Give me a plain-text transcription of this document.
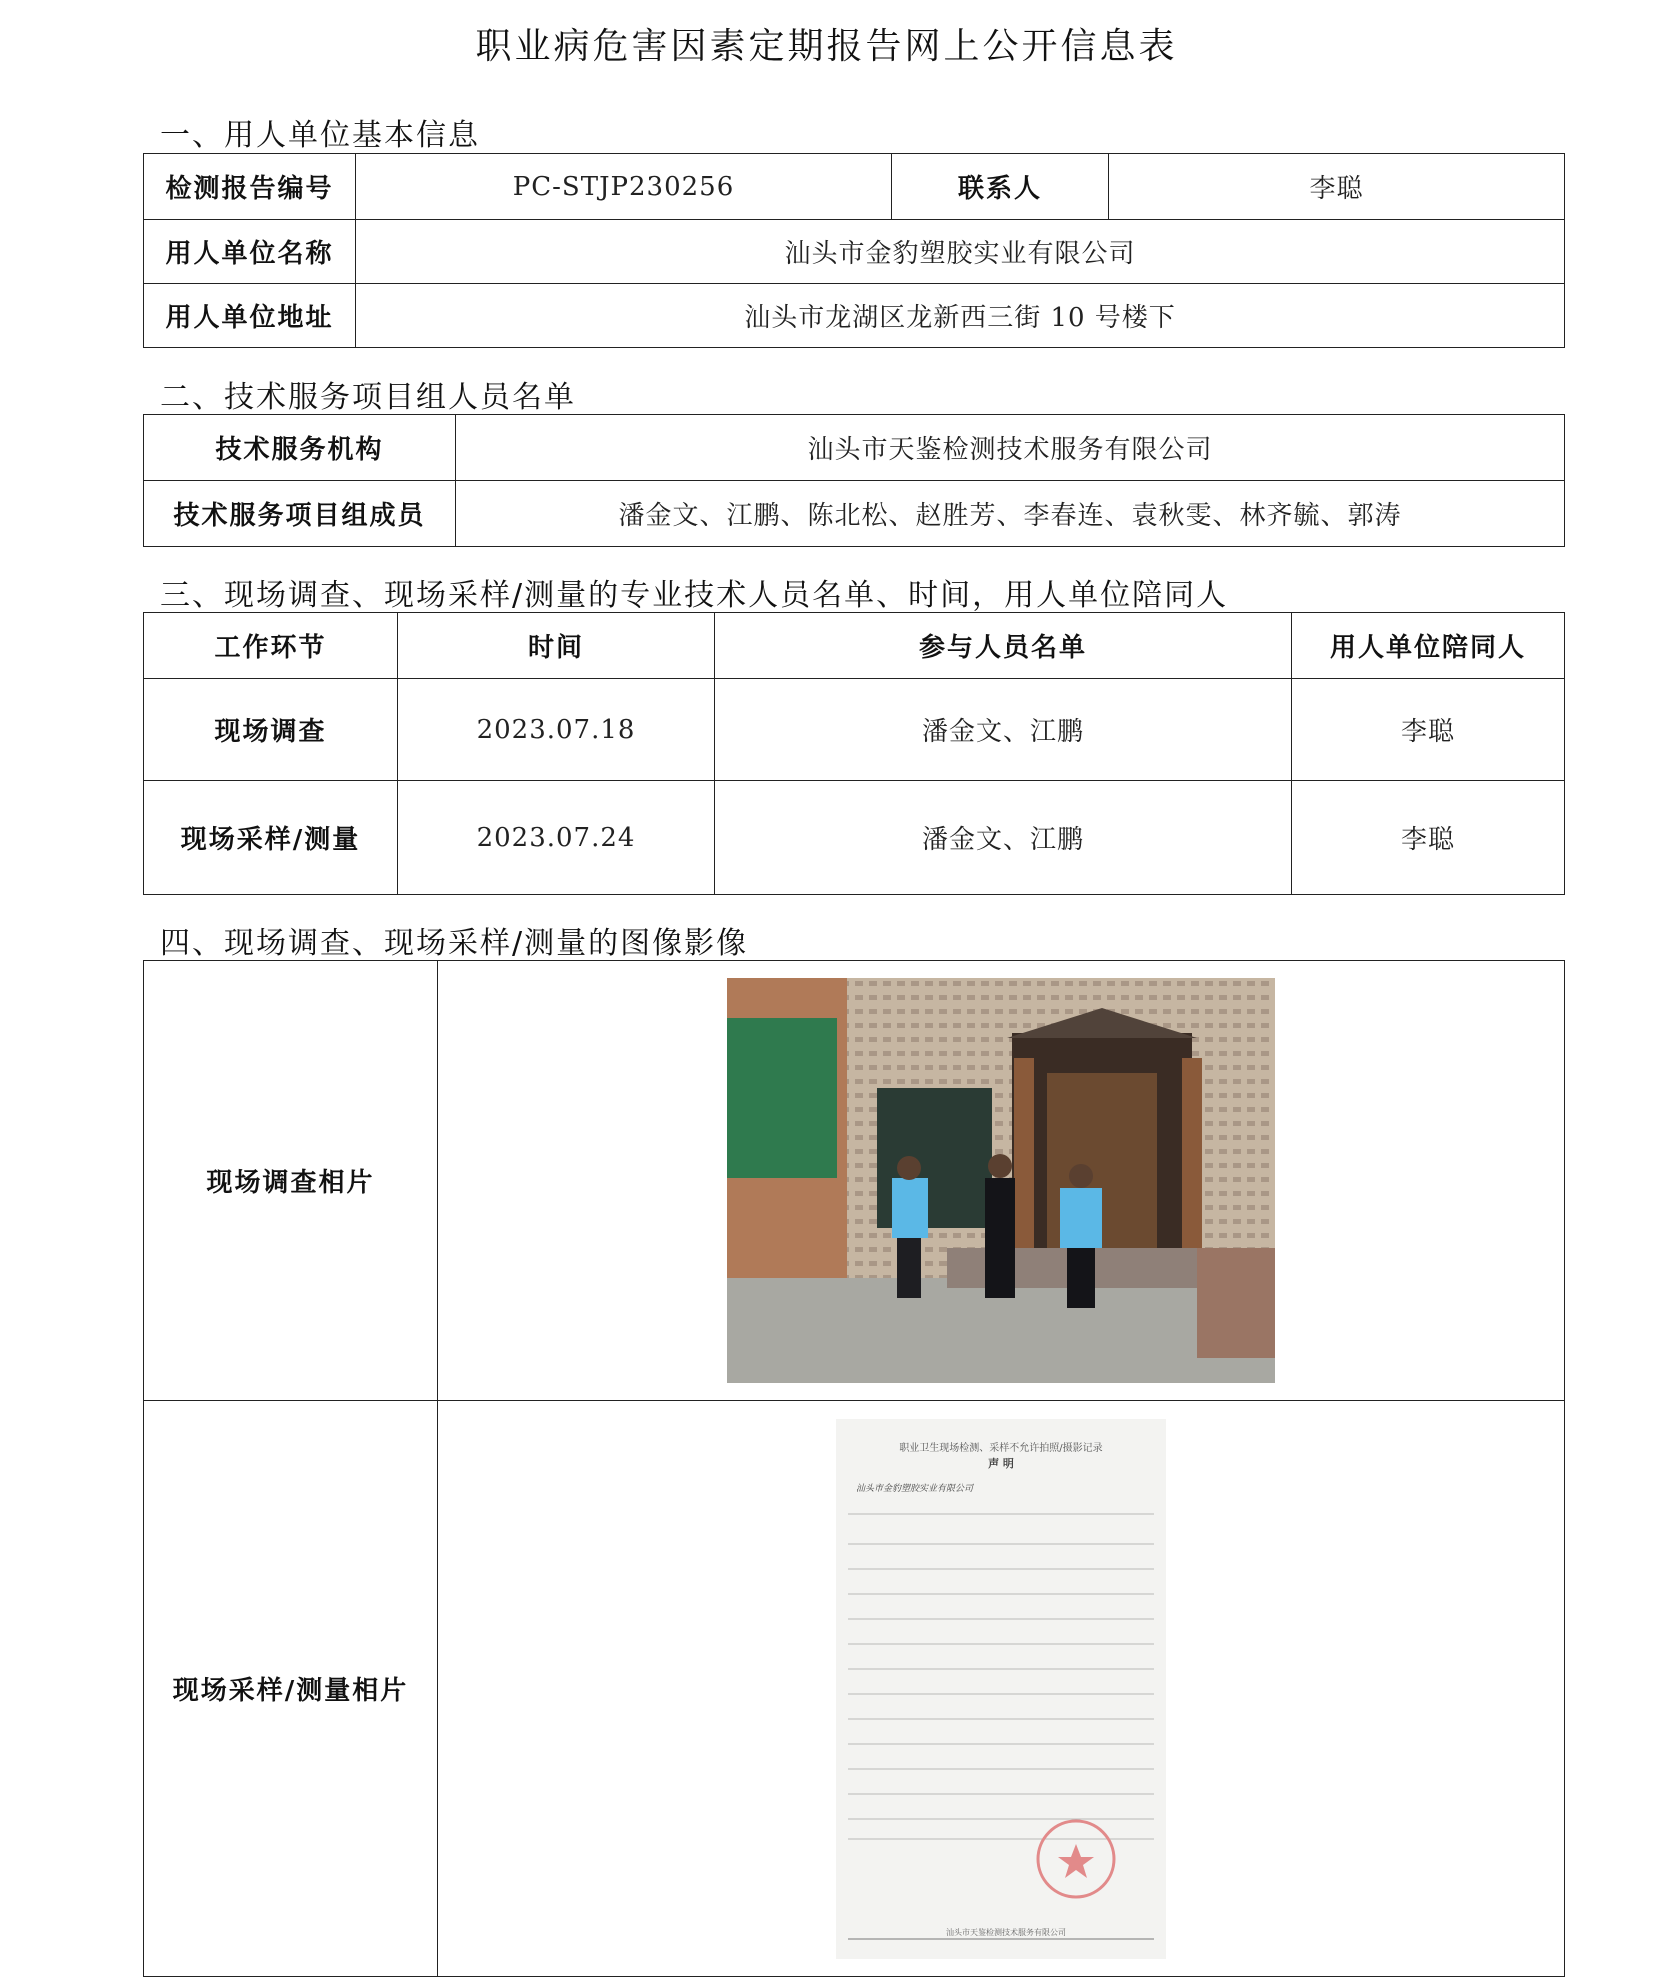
职业病危害因素定期报告网上公开信息表
一、用人单位基本信息
检测报告编号	PC-STJP230256	联系人	李聪
用人单位名称	汕头市金豹塑胶实业有限公司		
用人单位地址	汕头市龙湖区龙新西三街 10 号楼下		
二、技术服务项目组人员名单
技术服务机构	汕头市天鉴检测技术服务有限公司
技术服务项目组成员	潘金文、江鹏、陈北松、赵胜芳、李春连、袁秋雯、林齐毓、郭涛
三、现场调查、现场采样/测量的专业技术人员名单、时间，用人单位陪同人
工作环节	时间	参与人员名单	用人单位陪同人
现场调查	2023.07.18	潘金文、江鹏	李聪
现场采样/测量	2023.07.24	潘金文、江鹏	李聪
四、现场调查、现场采样/测量的图像影像
现场调查相片	

现场采样/测量相片	职业卫生现场检测、采样不允许拍照/摄影记录
声 明
汕头市金豹塑胶实业有限公司
汕头市天鉴检测技术服务有限公司
